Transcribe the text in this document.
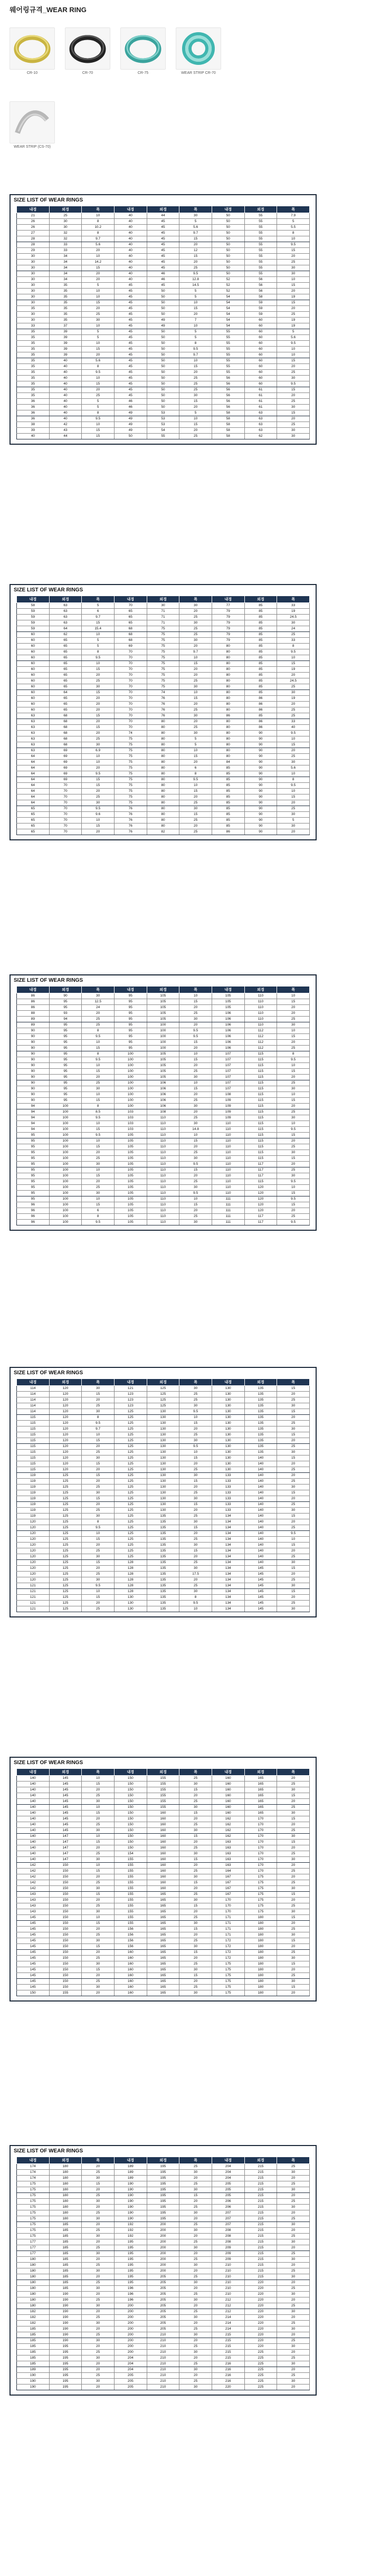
웨어링규격_WEAR RING
CR-10	CR-70	CR-75	WEAR STRIP CR-70
WEAR STRIP (CS-70)
SIZE LIST OF WEAR RINGS
내경	외경	폭	내경	외경	폭	내경	외경	폭
21	25	10	40	44	30	50	55	7.9
26	30	8	40	45	5	50	55	5
26	30	10.2	40	45	5.6	50	55	5.5
27	32	8	40	45	9.7	50	55	8
28	32	9.7	40	45	15	50	55	10
28	33	5.6	40	45	20	50	55	9.5
29	33	20	40	45	12	50	55	15
30	34	10	40	45	15	50	55	20
30	34	14.2	40	45	20	50	55	25
30	34	15	40	45	25	50	55	30
30	34	20	40	46	9.5	50	55	30
30	34	20	40	46	12.8	52	56	10
30	35	5	45	45	14.5	52	56	15
30	35	10	45	50	5	52	56	20
30	35	10	45	50	5	54	58	19
30	35	15	45	50	10	54	59	15
35	35	20	45	50	15	54	59	20
30	35	25	45	50	20	54	59	25
30	35	30	45	49	7	54	60	19
33	37	10	45	49	10	54	60	19
35	39	5	45	50	5	55	60	5
35	39	5	45	50	5	55	60	5.6
35	39	10	45	50	8	55	60	9.5
35	39	15	45	50	9.5	55	60	10
35	39	20	45	50	9.7	55	60	10
35	40	5.6	45	50	10	55	60	15
35	40	8	45	50	15	55	60	20
35	40	9.5	45	50	20	55	60	25
35	40	10	45	50	25	56	60	30
35	40	15	45	50	25	56	60	9.5
35	40	20	45	50	25	56	61	15
35	40	25	45	50	30	56	61	20
36	40	5	46	50	15	56	61	25
36	40	5	46	50	20	56	61	30
36	40	8	49	53	5	58	63	15
36	40	9.5	49	53	10	58	63	20
38	42	10	49	53	15	58	63	25
39	43	15	49	54	20	58	63	30
40	44	15	50	55	25	58	62	30
SIZE LIST OF WEAR RINGS
내경	외경	폭	내경	외경	폭	내경	외경	폭
58	63	5	70	30	30	77	85	33
59	63	6	65	71	20	79	85	19
59	63	9.7	65	71	25	79	85	24.5
59	63	15	65	71	30	79	85	30
59	64	15.4	68	75	25	79	85	24
60	62	10	68	75	25	79	85	25
60	65	5	68	75	30	79	85	33
60	65	5	69	75	20	80	85	8
60	65	8	70	75	9.7	80	85	9.5
60	65	9.5	70	75	10	80	85	10
60	65	10	70	75	15	80	85	15
60	65	15	70	75	20	80	85	19
60	65	20	70	75	20	80	85	20
60	65	25	70	75	25	80	85	24.5
60	65	30	70	75	30	80	85	25
60	64	15	70	74	10	80	85	30
60	65	20	70	76	15	80	86	19
60	65	20	70	76	20	80	86	20
60	65	20	70	76	25	80	86	25
63	68	15	70	76	30	86	85	25
63	68	20	70	80	20	80	86	33
63	68	15	70	80	25	80	86	40
63	68	20	74	80	30	80	90	9.5
63	68	25	75	80	5	80	90	10
63	68	30	75	80	5	80	90	15
63	69	6.9	75	80	10	80	90	20
64	69	10	75	80	15	80	90	25
64	69	10	75	80	20	84	90	30
64	69	20	75	80	6	85	90	5.6
64	69	9.5	75	80	8	85	90	10
64	69	15	75	80	9.5	85	90	8
64	70	15	75	80	10	85	90	9.5
64	70	20	75	80	15	85	90	10
64	70	25	75	80	20	85	90	15
64	70	30	75	80	25	85	90	20
65	70	9.5	76	80	30	85	90	25
65	70	9.6	76	80	15	85	90	30
65	70	10	76	80	25	85	90	5
65	70	15	76	80	20	85	90	30
65	70	20	76	82	25	86	90	20
SIZE LIST OF WEAR RINGS
내경	외경	폭	내경	외경	폭	내경	외경	폭
86	90	30	95	105	10	105	110	10
86	95	12.5	95	105	15	105	110	15
86	95	24	95	105	20	105	110	20
88	93	20	95	105	25	106	110	20
89	94	25	95	105	30	106	110	25
89	95	25	95	100	20	106	110	30
90	95	8	95	100	9.5	106	112	10
90	95	9.5	95	100	9.5	106	112	15
90	95	10	95	100	15	106	112	20
90	95	15	95	100	20	106	112	25
90	95	8	100	105	10	107	115	8
90	95	9.5	100	105	15	107	115	9.5
90	95	10	100	105	20	107	115	10
90	95	15	100	105	25	107	115	15
90	95	20	100	105	30	107	115	20
90	95	25	100	106	10	107	115	25
90	95	30	100	106	15	107	115	30
90	95	10	100	106	20	108	115	10
90	95	15	100	106	25	109	115	15
94	100	8	100	106	30	109	115	20
94	100	8.5	103	108	20	109	115	25
94	100	9.5	103	110	25	109	115	30
94	100	10	103	110	30	110	115	10
94	100	15	103	110	14.8	110	115	9.5
95	100	9.5	105	110	10	110	115	15
95	100	10	105	110	15	110	115	20
95	100	15	105	110	20	110	115	25
95	100	20	105	110	25	110	115	30
95	100	25	105	110	30	110	115	15
95	100	30	105	110	9.5	110	117	20
95	100	10	105	110	15	110	117	25
95	100	15	105	110	20	110	117	30
95	100	20	105	110	25	110	115	9.5
95	100	25	105	110	30	110	120	10
95	100	30	105	110	9.5	110	120	15
95	100	10	105	110	10	111	120	9.5
96	100	15	105	110	15	111	120	15
96	100	6	105	110	20	111	120	20
96	100	8	105	110	25	111	117	25
96	100	9.5	105	110	30	111	117	9.5
SIZE LIST OF WEAR RINGS
내경	외경	폭	내경	외경	폭	내경	외경	폭
114	120	30	121	125	30	130	135	15
114	120	15	123	125	25	130	135	20
114	120	20	123	125	25	130	135	25
114	120	25	123	125	30	130	135	30
114	120	30	125	130	9.5	130	135	15
115	120	8	125	130	10	130	135	20
115	120	9.5	125	130	15	130	135	25
115	120	9.7	125	130	20	130	135	30
115	120	10	125	130	25	130	135	15
115	120	15	125	130	30	130	135	20
115	120	20	125	130	9.5	130	135	25
115	120	25	125	130	10	130	135	30
115	120	30	125	130	15	130	140	15
115	120	15	125	130	20	130	140	20
115	120	20	125	130	25	130	140	25
119	125	15	125	130	30	133	140	20
119	125	20	125	130	15	133	140	25
119	125	25	125	130	20	133	140	30
119	125	30	125	130	25	133	140	15
119	125	15	125	130	30	133	140	20
119	125	20	125	130	15	133	140	25
119	125	25	125	130	20	133	140	30
119	125	30	125	135	25	134	140	15
120	125	8	125	135	30	134	140	20
120	125	9.5	125	135	15	134	140	25
120	125	10	125	135	20	134	140	9.5
120	125	15	125	135	25	134	140	10
120	125	20	125	135	30	134	140	15
120	125	25	125	135	15	134	140	20
120	125	30	125	135	20	134	140	25
120	125	15	128	135	25	134	140	30
120	125	20	128	135	30	134	145	15
120	125	25	128	135	17.5	134	145	20
120	125	30	128	135	20	134	145	25
121	125	9.5	128	135	25	134	145	30
121	125	10	128	135	30	134	145	15
121	125	15	130	135	8	134	145	20
121	125	20	130	135	9.5	134	145	25
121	125	25	130	135	10	134	145	30
SIZE LIST OF WEAR RINGS
내경	외경	폭	내경	외경	폭	내경	외경	폭
140	145	10	150	155	25	160	165	20
140	145	15	150	155	30	160	165	25
140	145	20	150	155	15	160	165	30
140	145	25	150	155	20	160	165	15
140	145	30	150	155	25	160	165	20
140	145	10	150	155	30	160	165	25
140	145	15	150	160	15	160	165	30
140	145	20	150	160	20	162	170	15
140	145	25	150	160	25	162	170	20
140	145	30	150	160	30	162	170	25
140	147	10	150	160	15	162	170	30
140	147	15	150	160	20	163	170	15
140	147	20	150	160	25	163	170	20
140	147	25	154	160	30	163	170	25
140	147	30	155	160	15	163	170	30
142	150	10	155	160	20	163	170	20
142	150	15	155	160	25	164	170	25
142	150	20	155	160	30	167	175	20
142	150	25	155	160	15	167	175	25
142	150	30	155	160	20	167	175	30
143	150	15	155	165	25	167	175	15
143	150	20	155	165	30	170	175	20
143	150	25	155	165	15	170	175	25
143	150	30	155	165	20	170	175	30
145	150	10	155	165	25	171	180	15
145	150	15	155	165	30	171	180	20
145	150	20	156	165	15	171	180	25
145	150	25	156	165	20	171	180	30
145	150	30	156	165	25	172	180	15
145	150	15	156	165	30	172	180	20
145	150	20	160	165	15	172	180	25
145	150	25	160	165	20	172	180	30
145	150	30	160	165	25	175	180	15
145	150	15	160	165	30	175	180	20
145	150	20	160	165	15	175	180	25
145	150	25	160	165	20	175	180	30
145	150	30	160	165	25	175	180	15
150	155	20	160	165	30	175	180	20
SIZE LIST OF WEAR RINGS
내경	외경	폭	내경	외경	폭	내경	외경	폭
174	180	20	189	195	25	204	215	25
174	180	25	189	195	30	204	215	30
174	180	30	189	195	20	204	215	20
175	180	15	190	195	25	205	215	25
175	180	20	190	195	30	205	215	30
175	180	25	190	195	15	205	215	20
175	180	30	190	195	20	206	215	25
175	180	20	190	195	25	206	215	30
175	180	25	190	195	30	207	215	20
175	180	30	190	195	20	207	215	25
175	185	20	192	200	25	207	215	30
175	185	25	192	200	30	208	215	20
175	185	30	192	200	20	208	215	25
177	185	20	195	200	25	208	215	30
177	185	25	195	200	30	209	215	20
177	185	30	195	200	20	209	215	25
180	185	20	195	200	25	209	215	30
180	185	25	195	200	30	210	215	20
180	185	30	195	200	20	210	215	25
180	185	20	195	205	25	210	215	30
180	185	25	195	205	30	210	220	20
180	185	30	196	205	20	210	220	25
180	190	20	196	205	25	210	220	30
180	190	25	196	205	30	212	220	20
180	190	30	200	205	20	212	220	25
182	190	20	200	205	25	212	220	30
182	190	25	200	205	30	214	220	20
182	190	30	200	205	20	214	220	25
185	190	20	200	205	25	214	220	30
185	190	25	200	210	30	215	220	20
185	190	30	200	210	20	215	220	25
185	195	20	200	210	25	215	220	30
185	195	25	200	210	30	215	225	20
185	195	30	204	210	20	215	225	25
185	195	20	204	210	25	216	225	30
189	195	20	204	210	30	216	225	20
190	195	25	205	210	20	216	225	25
190	195	30	205	210	25	216	225	30
190	195	20	205	210	30	220	225	20
